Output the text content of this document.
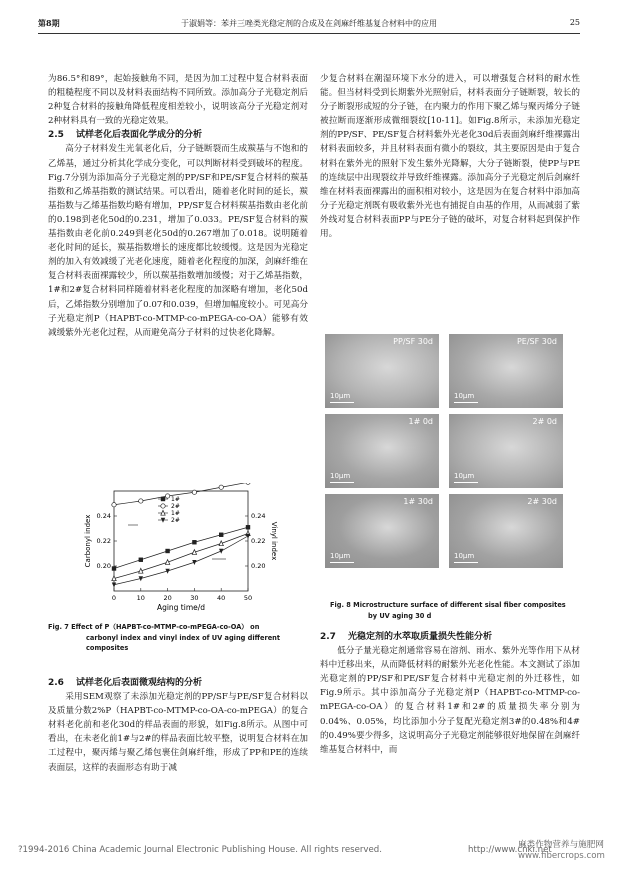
第8期	于淑娟等：苯并三唑类光稳定剂的合成及在剑麻纤维基复合材料中的应用	25

为86.5°和89°，起始接触角不同，是因为加工过程中复合材料表面的粗糙程度不同以及材料表面结构不同所致。添加高分子光稳定剂后2种复合材料的接触角降低程度相差较小，说明该高分子光稳定剂对2种材料具有一致的光稳定效果。

2.5 试样老化后表面化学成分的分析

高分子材料发生光氧老化后，分子链断裂而生成羰基与不饱和的乙烯基，通过分析其化学成分变化，可以判断材料受到破坏的程度。Fig.7分别为添加高分子光稳定剂的PP/SF和PE/SF复合材料的羰基指数和乙烯基指数的测试结果。可以看出，随着老化时间的延长，羰基指数与乙烯基指数均略有增加，PP/SF复合材料羰基指数由老化前的0.198到老化50d的0.231，增加了0.033。PE/SF复合材料的羰基指数由老化前0.249到老化50d的0.267增加了0.018。说明随着老化时间的延长，羰基指数增长的速度都比较缓慢。这是因为光稳定剂的加入有效减缓了光老化速度，随着老化程度的加深，剑麻纤维在复合材料表面裸露较少，所以羰基指数增加缓慢；对于乙烯基指数，1#和2#复合材料同样随着材料老化程度的加深略有增加，老化50d后，乙烯指数分别增加了0.07和0.039，但增加幅度较小。可见高分子光稳定剂P（HAPBT-co-MTMP-co-mPEGA-co-OA）能够有效减缓紫外光老化过程，从而避免高分子材料的过快老化降解。

0	10	20	30	40	50
0.20
0.22
0.24
0.20
0.22
0.24
Aging time/d
Carbonyl index	Vinyl index
1#
2#
1#
2#
Fig. 7 Effect of P（HAPBT-co-MTMP-co-mPEGA-co-OA） on
carbonyl index and vinyl index of UV aging different
composites

2.6 试样老化后表面微观结构的分析

采用SEM观察了未添加光稳定剂的PP/SF与PE/SF复合材料以及质量分数2%P（HAPBT-co-MTMP-co-OA-co-mPEGA）的复合材料老化前和老化30d的样品表面的形貌，如Fig.8所示。从图中可看出，在未老化前1#与2#的样品表面比较平整，说明复合材料在加工过程中，聚丙烯与聚乙烯包裹住剑麻纤维，形成了PP和PE的连续表面层，这样的表面形态有助于减

少复合材料在潮湿环境下水分的进入，可以增强复合材料的耐水性能。但当材料受到长期紫外光照射后，材料表面分子链断裂，较长的分子断裂形成短的分子链，在内聚力的作用下聚乙烯与聚丙烯分子链被拉断而逐渐形成微细裂纹[10-11]。如Fig.8所示，未添加光稳定剂的PP/SF、PE/SF复合材料紫外光老化30d后表面剑麻纤维裸露出材料表面较多，并且材料表面有微小的裂纹，其主要原因是由于复合材料在紫外光的照射下发生紫外光降解，大分子链断裂，使PP与PE的连续层中出现裂纹并导致纤维裸露。添加高分子光稳定剂后剑麻纤维在材料表面裸露出的面积相对较小，这是因为在复合材料中添加高分子光稳定剂既有吸收紫外光也有捕捉自由基的作用，从而减弱了紫外线对复合材料表面PP与PE分子链的破坏，对复合材料起到保护作用。

PP/SF 30d
10μm
PE/SF 30d
10μm
1# 0d
10μm
2# 0d
10μm
1# 30d
10μm
2# 30d
10μm
Fig. 8 Microstructure surface of different sisal fiber composites
by UV aging 30 d

2.7 光稳定剂的水萃取质量损失性能分析

低分子量光稳定剂通常容易在溶剂、雨水、紫外光等作用下从材料中迁移出来，从而降低材料的耐紫外光老化性能。本文测试了添加光稳定剂的PP/SF和PE/SF复合材料中光稳定剂的外迁移性，如Fig.9所示。其中添加高分子光稳定剂P（HAPBT-co-MTMP-co-mPEGA-co-OA）的复合材料1#和2#的质量损失率分别为0.04%、0.05%，均比添加小分子复配光稳定剂3#的0.48%和4#的0.49%要少得多，这说明高分子光稳定剂能够很好地保留在剑麻纤维基复合材料中，而

?1994-2016 China Academic Journal Electronic Publishing House. All rights reserved.	http://www.cnki.net
麻类作物营养与施肥网
www.fibercrops.com
